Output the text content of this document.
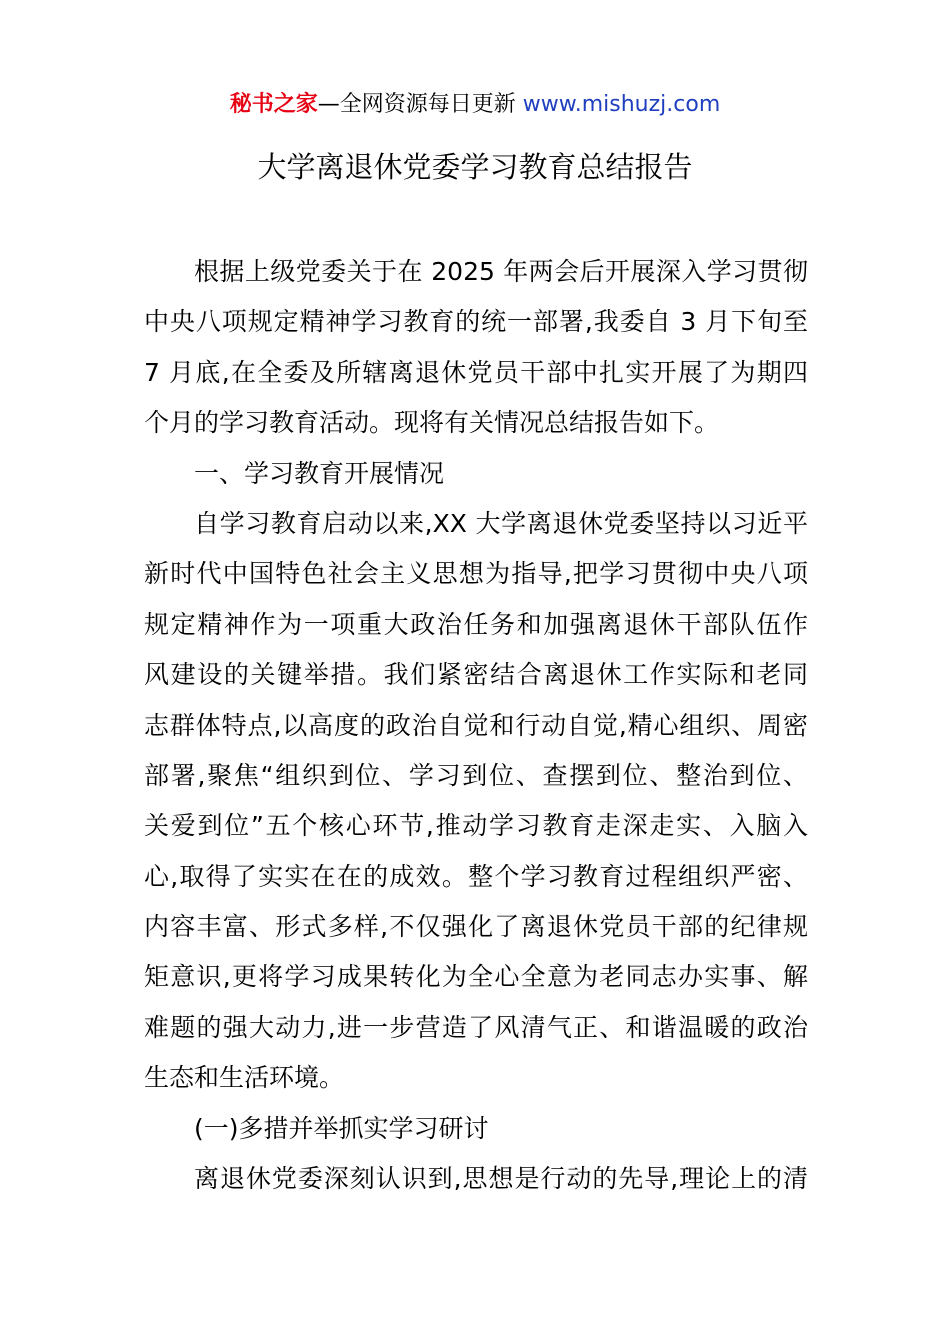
秘书之家—全网资源每日更新 www.mishuzj.com
大学离退休党委学习教育总结报告
根据上级党委关于在 2025 年两会后开展深入学习贯彻
中央八项规定精神学习教育的统一部署,我委自 3 月下旬至
7 月底,在全委及所辖离退休党员干部中扎实开展了为期四
个月的学习教育活动。现将有关情况总结报告如下。
一、学习教育开展情况
自学习教育启动以来,XX 大学离退休党委坚持以习近平
新时代中国特色社会主义思想为指导,把学习贯彻中央八项
规定精神作为一项重大政治任务和加强离退休干部队伍作
风建设的关键举措。我们紧密结合离退休工作实际和老同
志群体特点,以高度的政治自觉和行动自觉,精心组织、周密
部署,聚焦“组织到位、学习到位、查摆到位、整治到位、
关爱到位”五个核心环节,推动学习教育走深走实、入脑入
心,取得了实实在在的成效。整个学习教育过程组织严密、
内容丰富、形式多样,不仅强化了离退休党员干部的纪律规
矩意识,更将学习成果转化为全心全意为老同志办实事、解
难题的强大动力,进一步营造了风清气正、和谐温暖的政治
生态和生活环境。
(一)多措并举抓实学习研讨
离退休党委深刻认识到,思想是行动的先导,理论上的清
